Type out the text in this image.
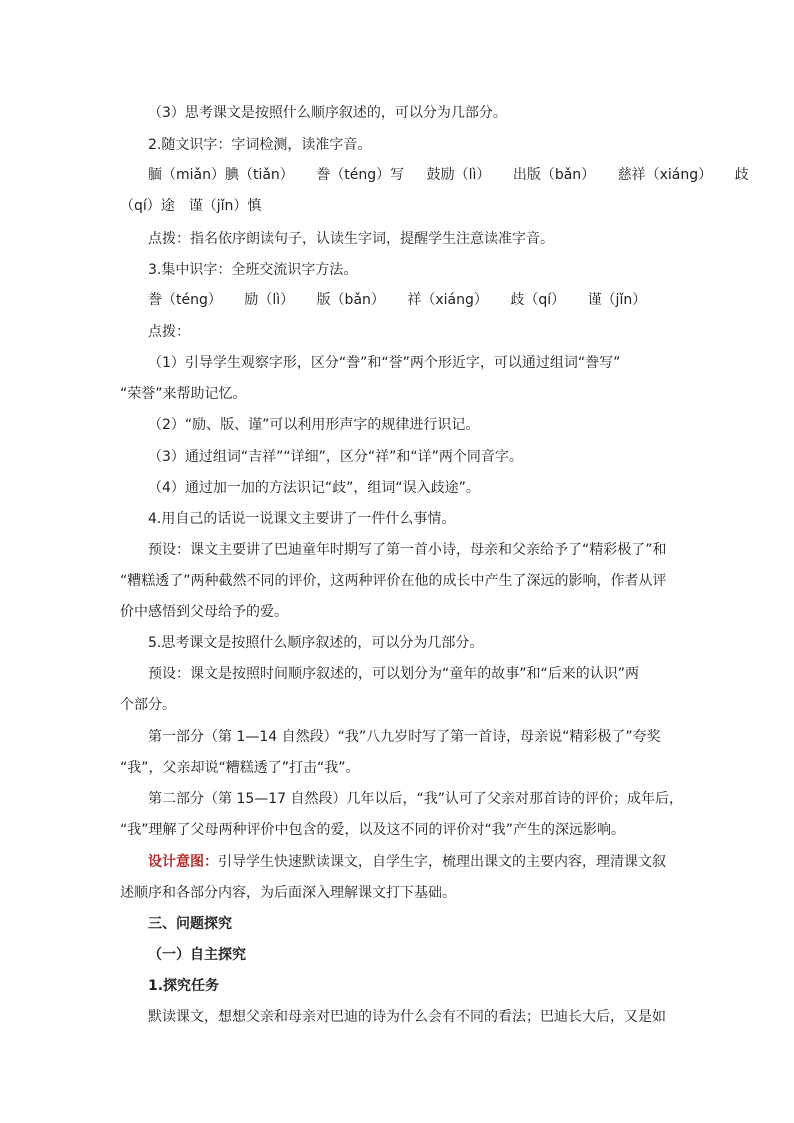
（3）思考课文是按照什么顺序叙述的，可以分为几部分。
2.随文识字：字词检测，读准字音。
腼（miǎn）腆（tiǎn） 誊（téng）写 鼓励（lì） 出版（bǎn） 慈祥（xiáng） 歧
（qí）途　谨（jǐn）慎
点拨：指名依序朗读句子，认读生字词，提醒学生注意读准字音。
3.集中识字：全班交流识字方法。
誊（téng） 励（lì） 版（bǎn） 祥（xiáng） 歧（qí） 谨（jǐn）
点拨：
（1）引导学生观察字形，区分“誊”和“誉”两个形近字，可以通过组词“誊写”
“荣誉”来帮助记忆。
（2）“励、版、谨”可以利用形声字的规律进行识记。
（3）通过组词“吉祥”“详细”，区分“祥”和“详”两个同音字。
（4）通过加一加的方法识记“歧”，组词“误入歧途”。
4.用自己的话说一说课文主要讲了一件什么事情。
预设：课文主要讲了巴迪童年时期写了第一首小诗，母亲和父亲给予了“精彩极了”和
“糟糕透了”两种截然不同的评价，这两种评价在他的成长中产生了深远的影响，作者从评
价中感悟到父母给予的爱。
5.思考课文是按照什么顺序叙述的，可以分为几部分。
预设：课文是按照时间顺序叙述的，可以划分为“童年的故事”和“后来的认识”两
个部分。
第一部分（第 1—14 自然段）“我”八九岁时写了第一首诗，母亲说“精彩极了”夸奖
“我”，父亲却说“糟糕透了”打击“我”。
第二部分（第 15—17 自然段）几年以后，“我”认可了父亲对那首诗的评价；成年后，
“我”理解了父母两种评价中包含的爱，以及这不同的评价对“我”产生的深远影响。
设计意图：引导学生快速默读课文，自学生字，梳理出课文的主要内容，理清课文叙
述顺序和各部分内容，为后面深入理解课文打下基础。
三、问题探究
（一）自主探究
1.探究任务
默读课文，想想父亲和母亲对巴迪的诗为什么会有不同的看法；巴迪长大后，又是如
